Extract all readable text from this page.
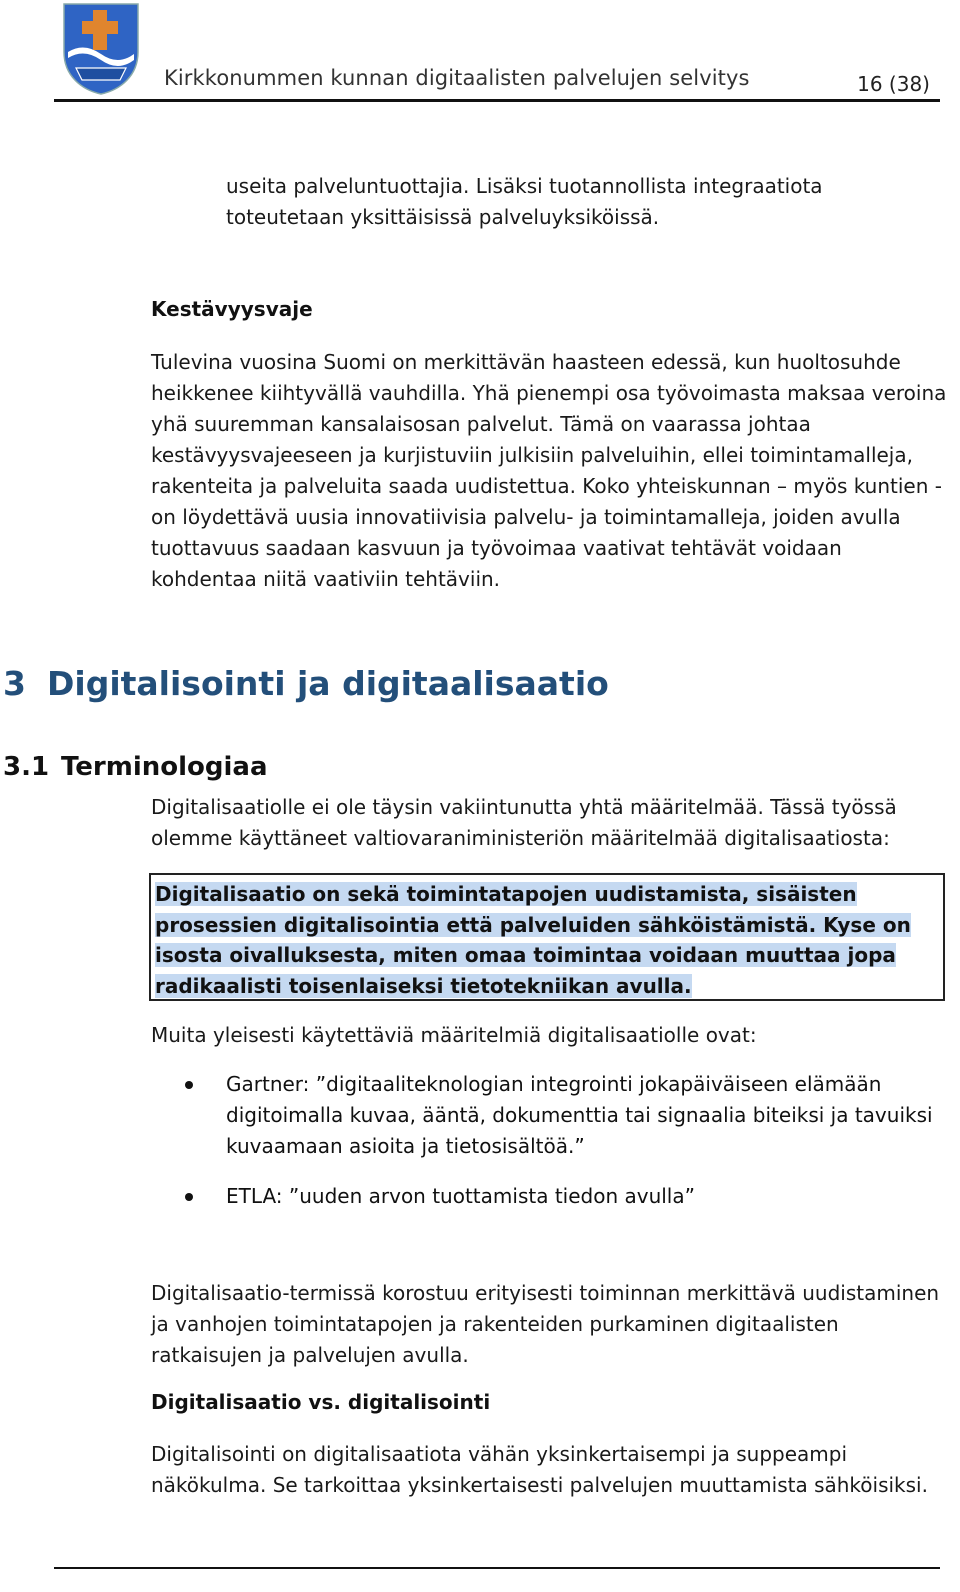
Kirkkonummen kunnan digitaalisten palvelujen selvitys	16 (38)

useita palveluntuottajia. Lisäksi tuotannollista integraatiota toteutetaan yksittäisissä palveluyksiköissä.

Kestävyysvaje

Tulevina vuosina Suomi on merkittävän haasteen edessä, kun huoltosuhde heikkenee kiihtyvällä vauhdilla. Yhä pienempi osa työvoimasta maksaa veroina yhä suuremman kansalaisosan palvelut. Tämä on vaarassa johtaa kestävyysvajeeseen ja kurjistuviin julkisiin palveluihin, ellei toimintamalleja, rakenteita ja palveluita saada uudistettua. Koko yhteiskunnan – myös kuntien - on löydettävä uusia innovatiivisia palvelu- ja toimintamalleja, joiden avulla tuottavuus saadaan kasvuun ja työvoimaa vaativat tehtävät voidaan kohdentaa niitä vaativiin tehtäviin.

3 Digitalisointi ja digitaalisaatio
3.1 Terminologiaa

Digitalisaatiolle ei ole täysin vakiintunutta yhtä määritelmää. Tässä työssä olemme käyttäneet valtiovaraniministeriön määritelmää digitalisaatiosta:

Digitalisaatio on sekä toimintatapojen uudistamista, sisäisten prosessien digitalisointia että palveluiden sähköistämistä. Kyse on isosta oivalluksesta, miten omaa toimintaa voidaan muuttaa jopa radikaalisti toisenlaiseksi tietotekniikan avulla.

Muita yleisesti käytettäviä määritelmiä digitalisaatiolle ovat:

Gartner: ”digitaaliteknologian integrointi jokapäiväiseen elämään digitoimalla kuvaa, ääntä, dokumenttia tai signaalia biteiksi ja tavuiksi kuvaamaan asioita ja tietosisältöä.”
ETLA: ”uuden arvon tuottamista tiedon avulla”

Digitalisaatio-termissä korostuu erityisesti toiminnan merkittävä uudistaminen ja vanhojen toimintatapojen ja rakenteiden purkaminen digitaalisten ratkaisujen ja palvelujen avulla.

Digitalisaatio vs. digitalisointi

Digitalisointi on digitalisaatiota vähän yksinkertaisempi ja suppeampi näkökulma. Se tarkoittaa yksinkertaisesti palvelujen muuttamista sähköisiksi.
